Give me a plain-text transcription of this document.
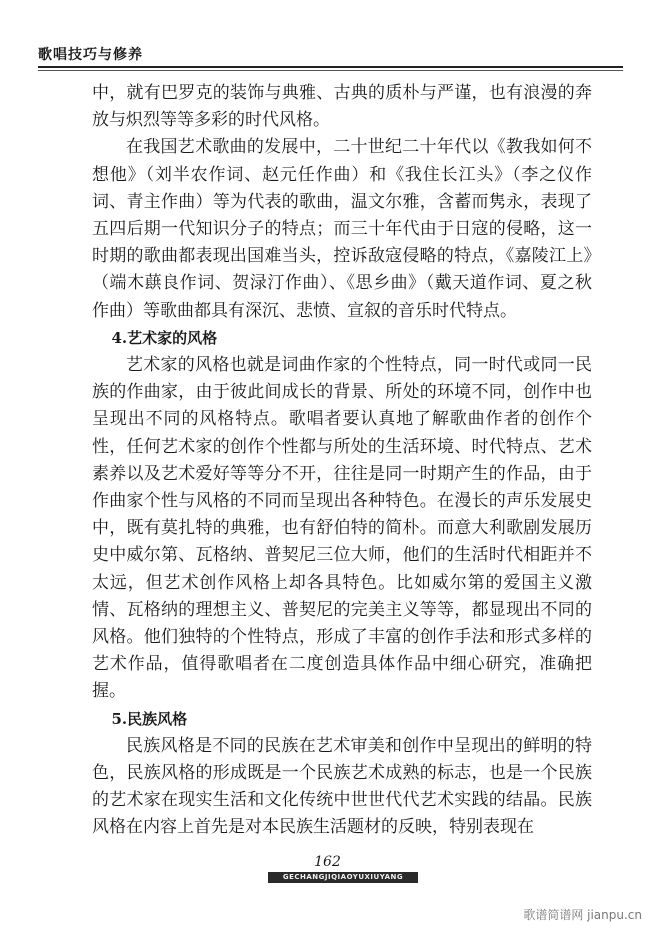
歌唱技巧与修养

中，就有巴罗克的装饰与典雅、古典的质朴与严谨，也有浪漫的奔放与炽烈等等多彩的时代风格。

在我国艺术歌曲的发展中，二十世纪二十年代以《教我如何不想他》（刘半农作词、赵元任作曲）和《我住长江头》（李之仪作词、青主作曲）等为代表的歌曲，温文尔雅，含蓄而隽永，表现了五四后期一代知识分子的特点；而三十年代由于日寇的侵略，这一时期的歌曲都表现出国难当头，控诉敌寇侵略的特点，《嘉陵江上》（端木蕻良作词、贺渌汀作曲）、《思乡曲》（戴天道作词、夏之秋作曲）等歌曲都具有深沉、悲愤、宣叙的音乐时代特点。

4.艺术家的风格

艺术家的风格也就是词曲作家的个性特点，同一时代或同一民族的作曲家，由于彼此间成长的背景、所处的环境不同，创作中也呈现出不同的风格特点。歌唱者要认真地了解歌曲作者的创作个性，任何艺术家的创作个性都与所处的生活环境、时代特点、艺术素养以及艺术爱好等等分不开，往往是同一时期产生的作品，由于作曲家个性与风格的不同而呈现出各种特色。在漫长的声乐发展史中，既有莫扎特的典雅，也有舒伯特的简朴。而意大利歌剧发展历史中威尔第、瓦格纳、普契尼三位大师，他们的生活时代相距并不太远，但艺术创作风格上却各具特色。比如威尔第的爱国主义激情、瓦格纳的理想主义、普契尼的完美主义等等，都显现出不同的风格。他们独特的个性特点，形成了丰富的创作手法和形式多样的艺术作品，值得歌唱者在二度创造具体作品中细心研究，准确把握。

5.民族风格

民族风格是不同的民族在艺术审美和创作中呈现出的鲜明的特色，民族风格的形成既是一个民族艺术成熟的标志，也是一个民族的艺术家在现实生活和文化传统中世世代代艺术实践的结晶。民族风格在内容上首先是对本民族生活题材的反映，特别表现在

162
GECHANGJIQIAOYUXIUYANG
歌谱简谱网 jianpu.cn
